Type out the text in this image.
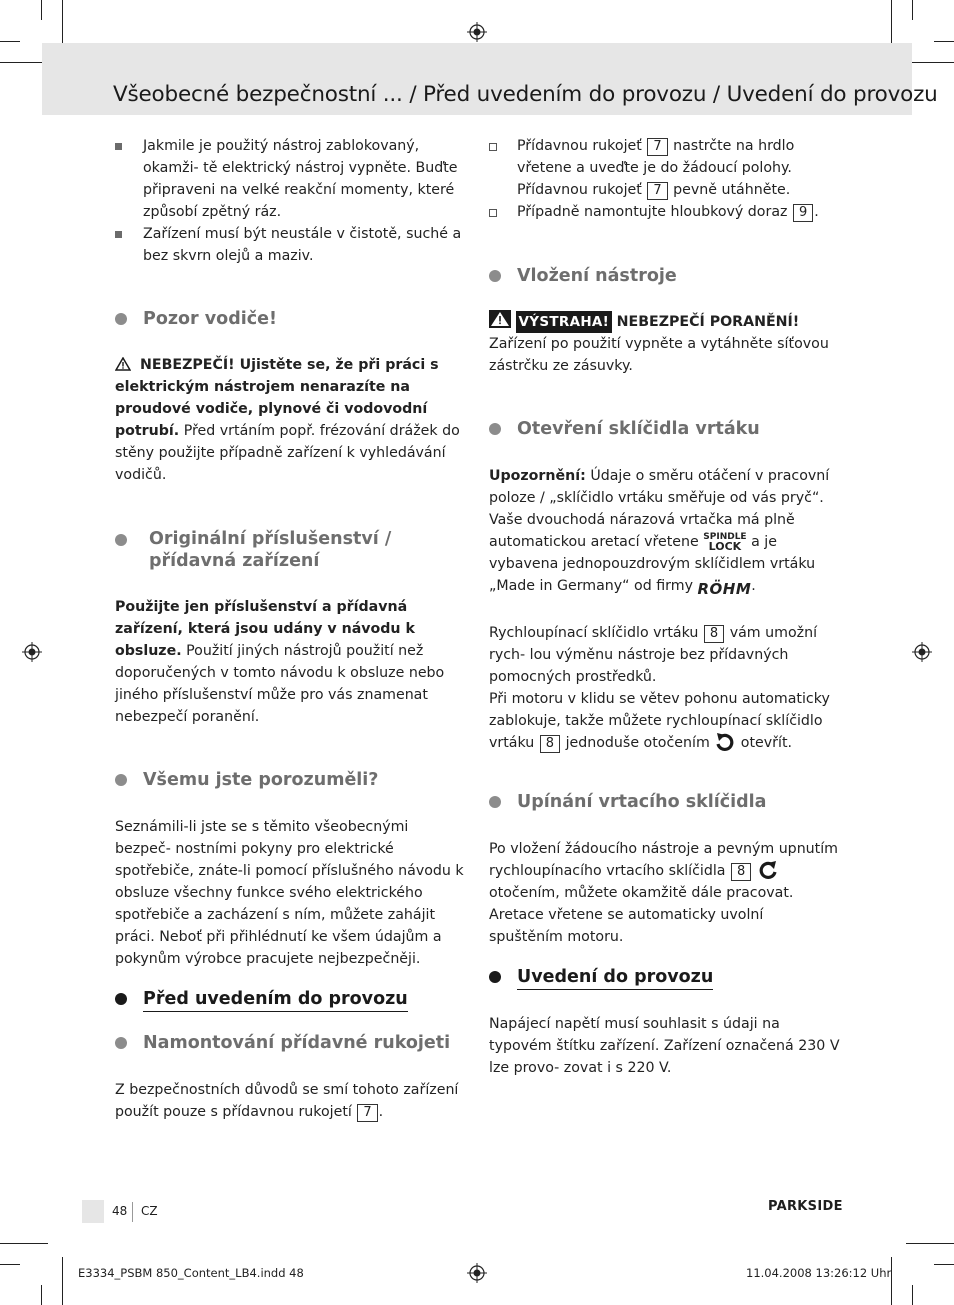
Všeobecné bezpečnostní ... / Před uvedením do provozu / Uvedení do provozu
Jakmile je použitý nástroj zablokovaný, okamži- tě elektrický nástroj vypněte. Buďte připraveni na velké reakční momenty, které způsobí zpětný ráz.
Zařízení musí být neustále v čistotě, suché a bez skvrn olejů a maziv.
Pozor vodiče!

NEBEZPEČÍ! Ujistěte se, že při práci s elektrickým nástrojem nenarazíte na proudové vodiče, plynové či vodovodní potrubí. Před vrtáním popř. frézování drážek do stěny použijte případně zařízení k vyhledávání vodičů.

Originální příslušenství /
přídavná zařízení

Použijte jen příslušenství a přídavná zařízení, která jsou udány v návodu k obsluze. Použití jiných nástrojů použití než doporučených v tomto návodu k obsluze nebo jiného příslušenství může pro vás znamenat nebezpečí poranění.

Všemu jste porozuměli?

Seznámili-li jste se s těmito všeobecnými bezpeč- nostními pokyny pro elektrické spotřebiče, znáte-li pomocí příslušného návodu k obsluze všechny funkce svého elektrického spotřebiče a zacházení s ním, můžete zahájit práci. Neboť při přihlédnutí ke všem údajům a pokynům výrobce pracujete nejbezpečněji.

Před uvedením do provozu
Namontování přídavné rukojeti

Z bezpečnostních důvodů se smí tohoto zařízení použít pouze s přídavnou rukojetí 7 .

Přídavnou rukojeť 7 nastrčte na hrdlo vřetene a uveďte je do žádoucí polohy. Přídavnou rukojeť 7 pevně utáhněte.
Případně namontujte hloubkový doraz 9 .
Vložení nástroje

VÝSTRAHA! NEBEZPEČÍ PORANĚNÍ!

Zařízení po použití vypněte a vytáhněte síťovou zástrčku ze zásuvky.

Otevření sklíčidla vrtáku

Upozornění: Údaje o směru otáčení v pracovní poloze / „sklíčidlo vrtáku směřuje od vás pryč“. Vaše dvouchodá nárazová vrtačka má plně automatickou aretací vřetene SPINDLE
LOCK a je vybavena jednopouzdrovým sklíčidlem vrtáku „Made in Germany“ od firmy RÖHM.

Rychloupínací sklíčidlo vrtáku 8 vám umožní rych- lou výměnu nástroje bez přídavných pomocných prostředků.

Při motoru v klidu se větev pohonu automaticky zablokuje, takže můžete rychloupínací sklíčidlo vrtáku 8 jednoduše otočením otevřít.

Upínání vrtacího sklíčidla

Po vložení žádoucího nástroje a pevným upnutím rychloupínacího vrtacího sklíčidla 8  otočením, můžete okamžitě dále pracovat. Aretace vřetene se automaticky uvolní spuštěním motoru.

Uvedení do provozu

Napájecí napětí musí souhlasit s údaji na typovém štítku zařízení. Zařízení označená 230 V lze provo- zovat i s 220 V.

48 CZ	PARKSIDE
E3334_PSBM 850_Content_LB4.indd 48	11.04.2008 13:26:12 Uhr
